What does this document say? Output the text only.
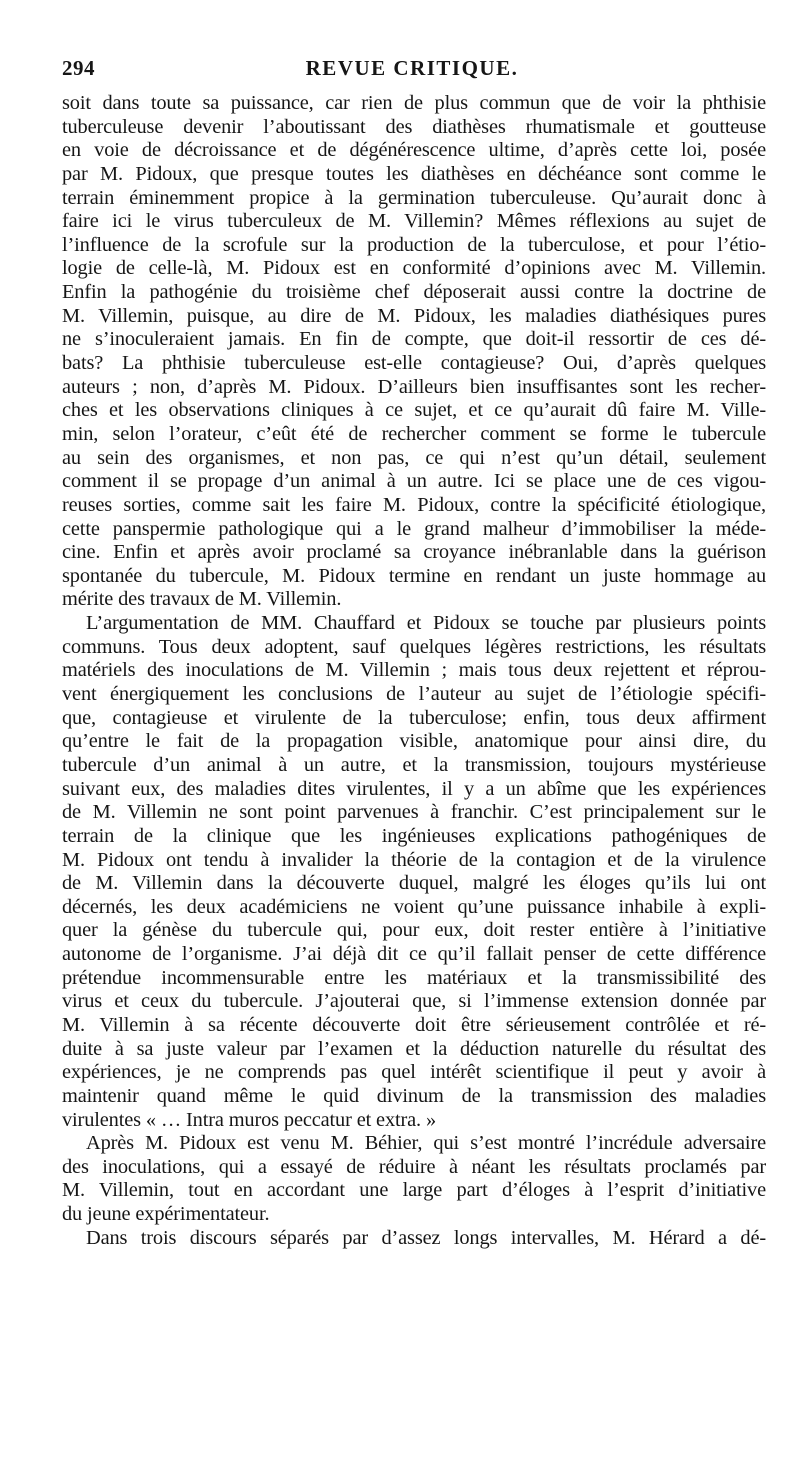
294	REVUE CRITIQUE.
soit dans toute sa puissance, car rien de plus commun que de voir la phthisie
tuberculeuse devenir l’aboutissant des diathèses rhumatismale et goutteuse
en voie de décroissance et de dégénérescence ultime, d’après cette loi, posée
par M. Pidoux, que presque toutes les diathèses en déchéance sont comme le
terrain éminemment propice à la germination tuberculeuse. Qu’aurait donc à
faire ici le virus tuberculeux de M. Villemin? Mêmes réflexions au sujet de
l’influence de la scrofule sur la production de la tuberculose, et pour l’étio-
logie de celle-là, M. Pidoux est en conformité d’opinions avec M. Villemin.
Enfin la pathogénie du troisième chef déposerait aussi contre la doctrine de
M. Villemin, puisque, au dire de M. Pidoux, les maladies diathésiques pures
ne s’inoculeraient jamais. En fin de compte, que doit-il ressortir de ces dé-
bats? La phthisie tuberculeuse est-elle contagieuse? Oui, d’après quelques
auteurs ; non, d’après M. Pidoux. D’ailleurs bien insuffisantes sont les recher-
ches et les observations cliniques à ce sujet, et ce qu’aurait dû faire M. Ville-
min, selon l’orateur, c’eût été de rechercher comment se forme le tubercule
au sein des organismes, et non pas, ce qui n’est qu’un détail, seulement
comment il se propage d’un animal à un autre. Ici se place une de ces vigou-
reuses sorties, comme sait les faire M. Pidoux, contre la spécificité étiologique,
cette panspermie pathologique qui a le grand malheur d’immobiliser la méde-
cine. Enfin et après avoir proclamé sa croyance inébranlable dans la guérison
spontanée du tubercule, M. Pidoux termine en rendant un juste hommage au
mérite des travaux de M. Villemin.
L’argumentation de MM. Chauffard et Pidoux se touche par plusieurs points
communs. Tous deux adoptent, sauf quelques légères restrictions, les résultats
matériels des inoculations de M. Villemin ; mais tous deux rejettent et réprou-
vent énergiquement les conclusions de l’auteur au sujet de l’étiologie spécifi-
que, contagieuse et virulente de la tuberculose; enfin, tous deux affirment
qu’entre le fait de la propagation visible, anatomique pour ainsi dire, du
tubercule d’un animal à un autre, et la transmission, toujours mystérieuse
suivant eux, des maladies dites virulentes, il y a un abîme que les expériences
de M. Villemin ne sont point parvenues à franchir. C’est principalement sur le
terrain de la clinique que les ingénieuses explications pathogéniques de
M. Pidoux ont tendu à invalider la théorie de la contagion et de la virulence
de M. Villemin dans la découverte duquel, malgré les éloges qu’ils lui ont
décernés, les deux académiciens ne voient qu’une puissance inhabile à expli-
quer la génèse du tubercule qui, pour eux, doit rester entière à l’initiative
autonome de l’organisme. J’ai déjà dit ce qu’il fallait penser de cette différence
prétendue incommensurable entre les matériaux et la transmissibilité des
virus et ceux du tubercule. J’ajouterai que, si l’immense extension donnée par
M. Villemin à sa récente découverte doit être sérieusement contrôlée et ré-
duite à sa juste valeur par l’examen et la déduction naturelle du résultat des
expériences, je ne comprends pas quel intérêt scientifique il peut y avoir à
maintenir quand même le quid divinum de la transmission des maladies
virulentes « … Intra muros peccatur et extra. »
Après M. Pidoux est venu M. Béhier, qui s’est montré l’incrédule adversaire
des inoculations, qui a essayé de réduire à néant les résultats proclamés par
M. Villemin, tout en accordant une large part d’éloges à l’esprit d’initiative
du jeune expérimentateur.
Dans trois discours séparés par d’assez longs intervalles, M. Hérard a dé-
